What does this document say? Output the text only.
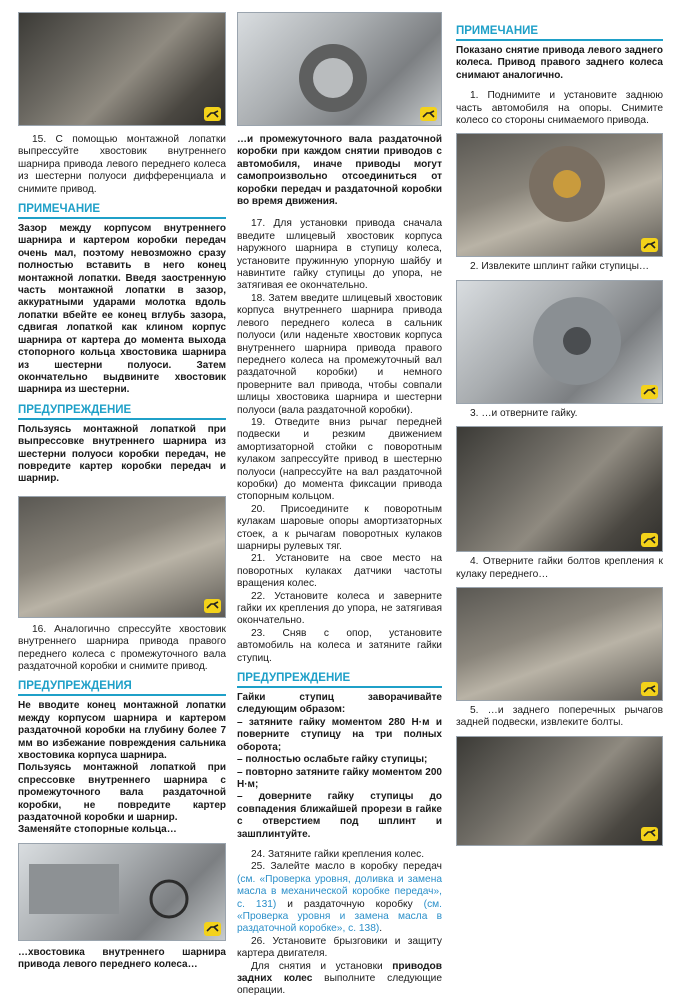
15. С помощью монтажной лопатки выпрессуйте хвостовик внутреннего шарнира привода левого переднего колеса из шестерни полуоси дифференциала и снимите привод.

ПРИМЕЧАНИЕ

Зазор между корпусом внутреннего шарнира и картером коробки передач очень мал, поэтому невозможно сразу полностью вставить в него конец монтажной лопатки. Введя заостренную часть монтажной лопатки в зазор, аккуратными ударами молотка вдоль лопатки вбейте ее конец вглубь зазора, сдвигая лопаткой как клином корпус шарнира от картера до момента выхода стопорного кольца хвостовика шарнира из шестерни полуоси. Затем окончательно выдвините хвостовик шарнира из шестерни.

ПРЕДУПРЕЖДЕНИЕ

Пользуясь монтажной лопаткой при выпрессовке внутреннего шарнира из шестерни полуоси коробки передач, не повредите картер коробки передач и шарнир.

16. Аналогично спрессуйте хвостовик внутреннего шарнира привода правого переднего колеса с промежуточного вала раздаточной коробки и снимите привод.

ПРЕДУПРЕЖДЕНИЯ

Не вводите конец монтажной лопатки между корпусом шарнира и картером раздаточной коробки на глубину более 7 мм во избежание повреждения сальника хвостовика корпуса шарнира.

Пользуясь монтажной лопаткой при спрессовке внутреннего шарнира с промежуточного вала раздаточной коробки, не повредите картер раздаточной коробки и шарнир.

Заменяйте стопорные кольца…

…хвостовика внутреннего шарнира привода левого переднего колеса…

…и промежуточного вала раздаточной коробки при каждом снятии приводов с автомобиля, иначе приводы могут самопроизвольно отсоединиться от коробки передач и раздаточной коробки во время движения.

17. Для установки привода сначала введите шлицевый хвостовик корпуса наружного шарнира в ступицу колеса, установите пружинную упорную шайбу и навинтите гайку ступицы до упора, не затягивая ее окончательно.

18. Затем введите шлицевый хвостовик корпуса внутреннего шарнира привода левого переднего колеса в сальник полуоси (или наденьте хвостовик корпуса внутреннего шарнира привода правого переднего колеса на промежуточный вал раздаточной коробки) и немного проверните вал привода, чтобы совпали шлицы хвостовика шарнира и шестерни полуоси (вала раздаточной коробки).

19. Отведите вниз рычаг передней подвески и резким движением амортизаторной стойки с поворотным кулаком запрессуйте привод в шестерню полуоси (напрессуйте на вал раздаточной коробки) до момента фиксации привода стопорным кольцом.

20. Присоедините к поворотным кулакам шаровые опоры амортизаторных стоек, а к рычагам поворотных кулаков шарниры рулевых тяг.

21. Установите на свое место на поворотных кулаках датчики частоты вращения колес.

22. Установите колеса и заверните гайки их крепления до упора, не затягивая окончательно.

23. Сняв с опор, установите автомобиль на колеса и затяните гайки ступиц.

ПРЕДУПРЕЖДЕНИЕ

Гайки ступиц заворачивайте следующим образом:

– затяните гайку моментом 280 Н·м и поверните ступицу на три полных оборота;

– полностью ослабьте гайку ступицы;

– повторно затяните гайку моментом 200 Н·м;

– доверните гайку ступицы до совпадения ближайшей прорези в гайке с отверстием под шплинт и зашплинтуйте.

24. Затяните гайки крепления колес.

25. Залейте масло в коробку передач (см. «Проверка уровня, доливка и замена масла в механической коробке передач», с. 131) и раздаточную коробку (см. «Проверка уровня и замена масла в раздаточной коробке», с. 138).

26. Установите брызговики и защиту картера двигателя.

Для снятия и установки приводов задних колес выполните следующие операции.

ПРИМЕЧАНИЕ

Показано снятие привода левого заднего колеса. Привод правого заднего колеса снимают аналогично.

1. Поднимите и установите заднюю часть автомобиля на опоры. Снимите колесо со стороны снимаемого привода.

2. Извлеките шплинт гайки ступицы…

3. …и отверните гайку.

4. Отверните гайки болтов крепления к кулаку переднего…

5. …и заднего поперечных рычагов задней подвески, извлеките болты.
